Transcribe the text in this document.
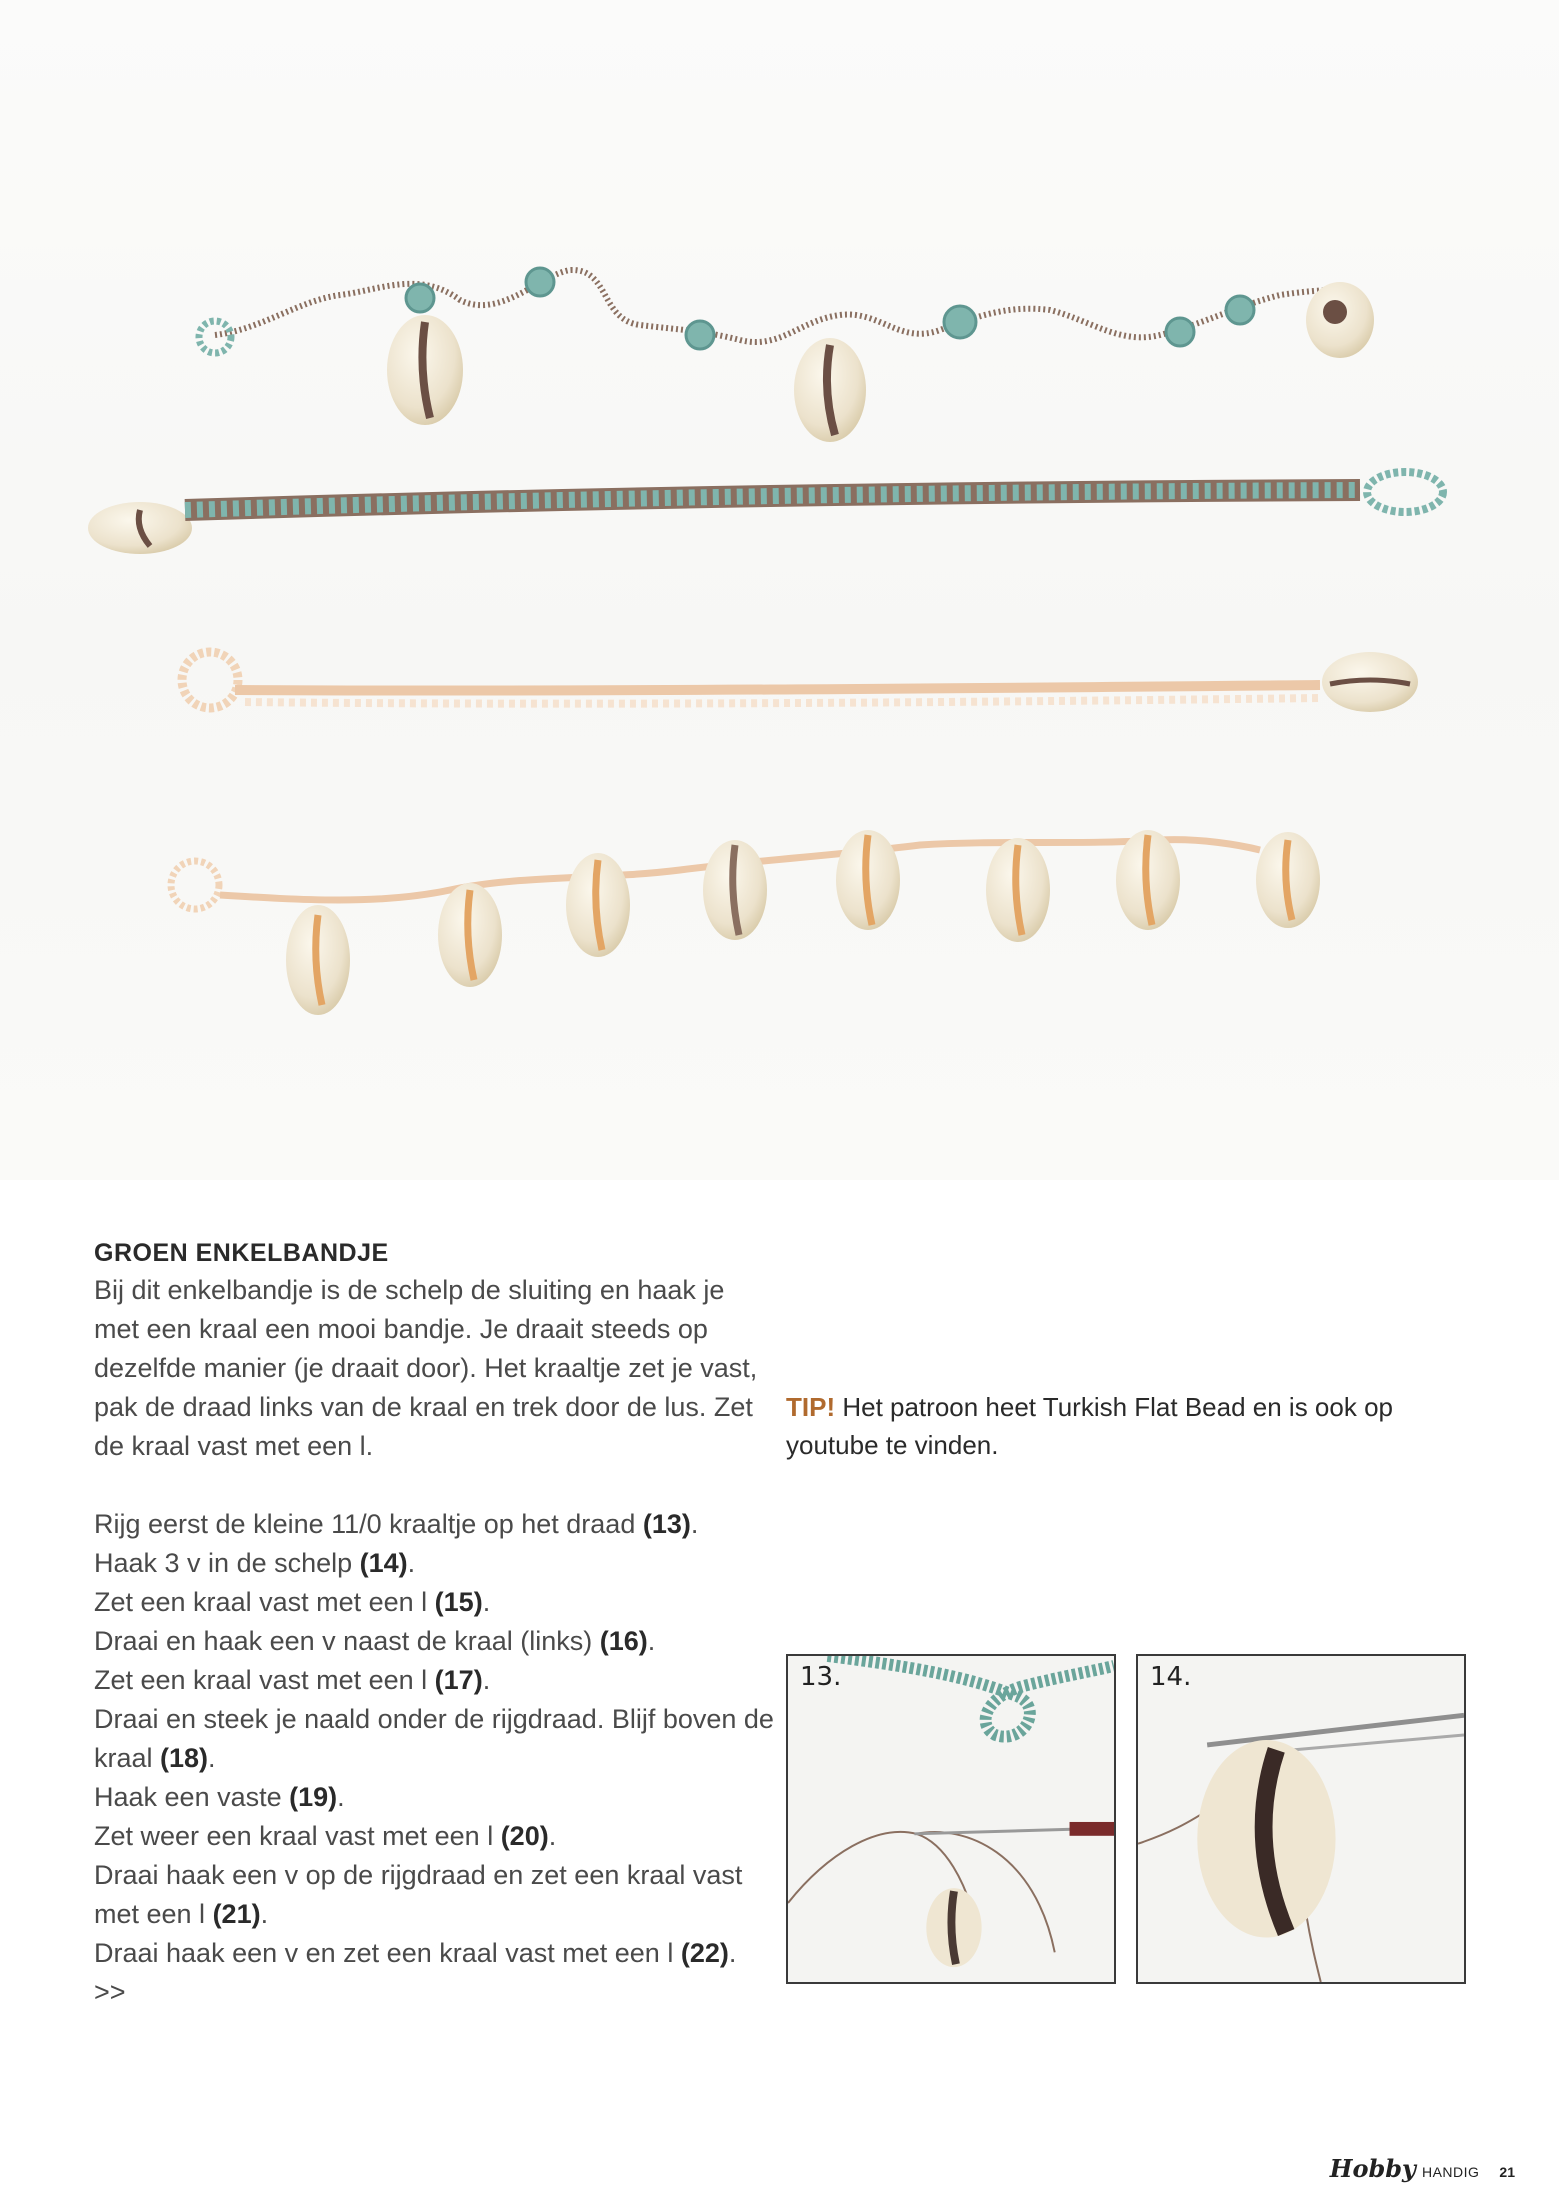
GROEN ENKELBANDJE

Bij dit enkelbandje is de schelp de sluiting en haak je met een kraal een mooi bandje. Je draait steeds op dezelfde manier (je draait door). Het kraaltje zet je vast, pak de draad links van de kraal en trek door de lus. Zet de kraal vast met een l.

Rijg eerst de kleine 11/0 kraaltje op het draad (13).
Haak 3 v in de schelp (14).
Zet een kraal vast met een l (15).
Draai en haak een v naast de kraal (links) (16).
Zet een kraal vast met een l (17).
Draai en steek je naald onder de rijgdraad. Blijf boven de kraal (18).
Haak een vaste (19).
Zet weer een kraal vast met een l (20).
Draai haak een v op de rijgdraad en zet een kraal vast met een l (21).
Draai haak een v en zet een kraal vast met een l (22). >>
TIP! Het patroon heet Turkish Flat Bead en is ook op youtube te vinden.
13.	14.
Hobby HANDIG 21
